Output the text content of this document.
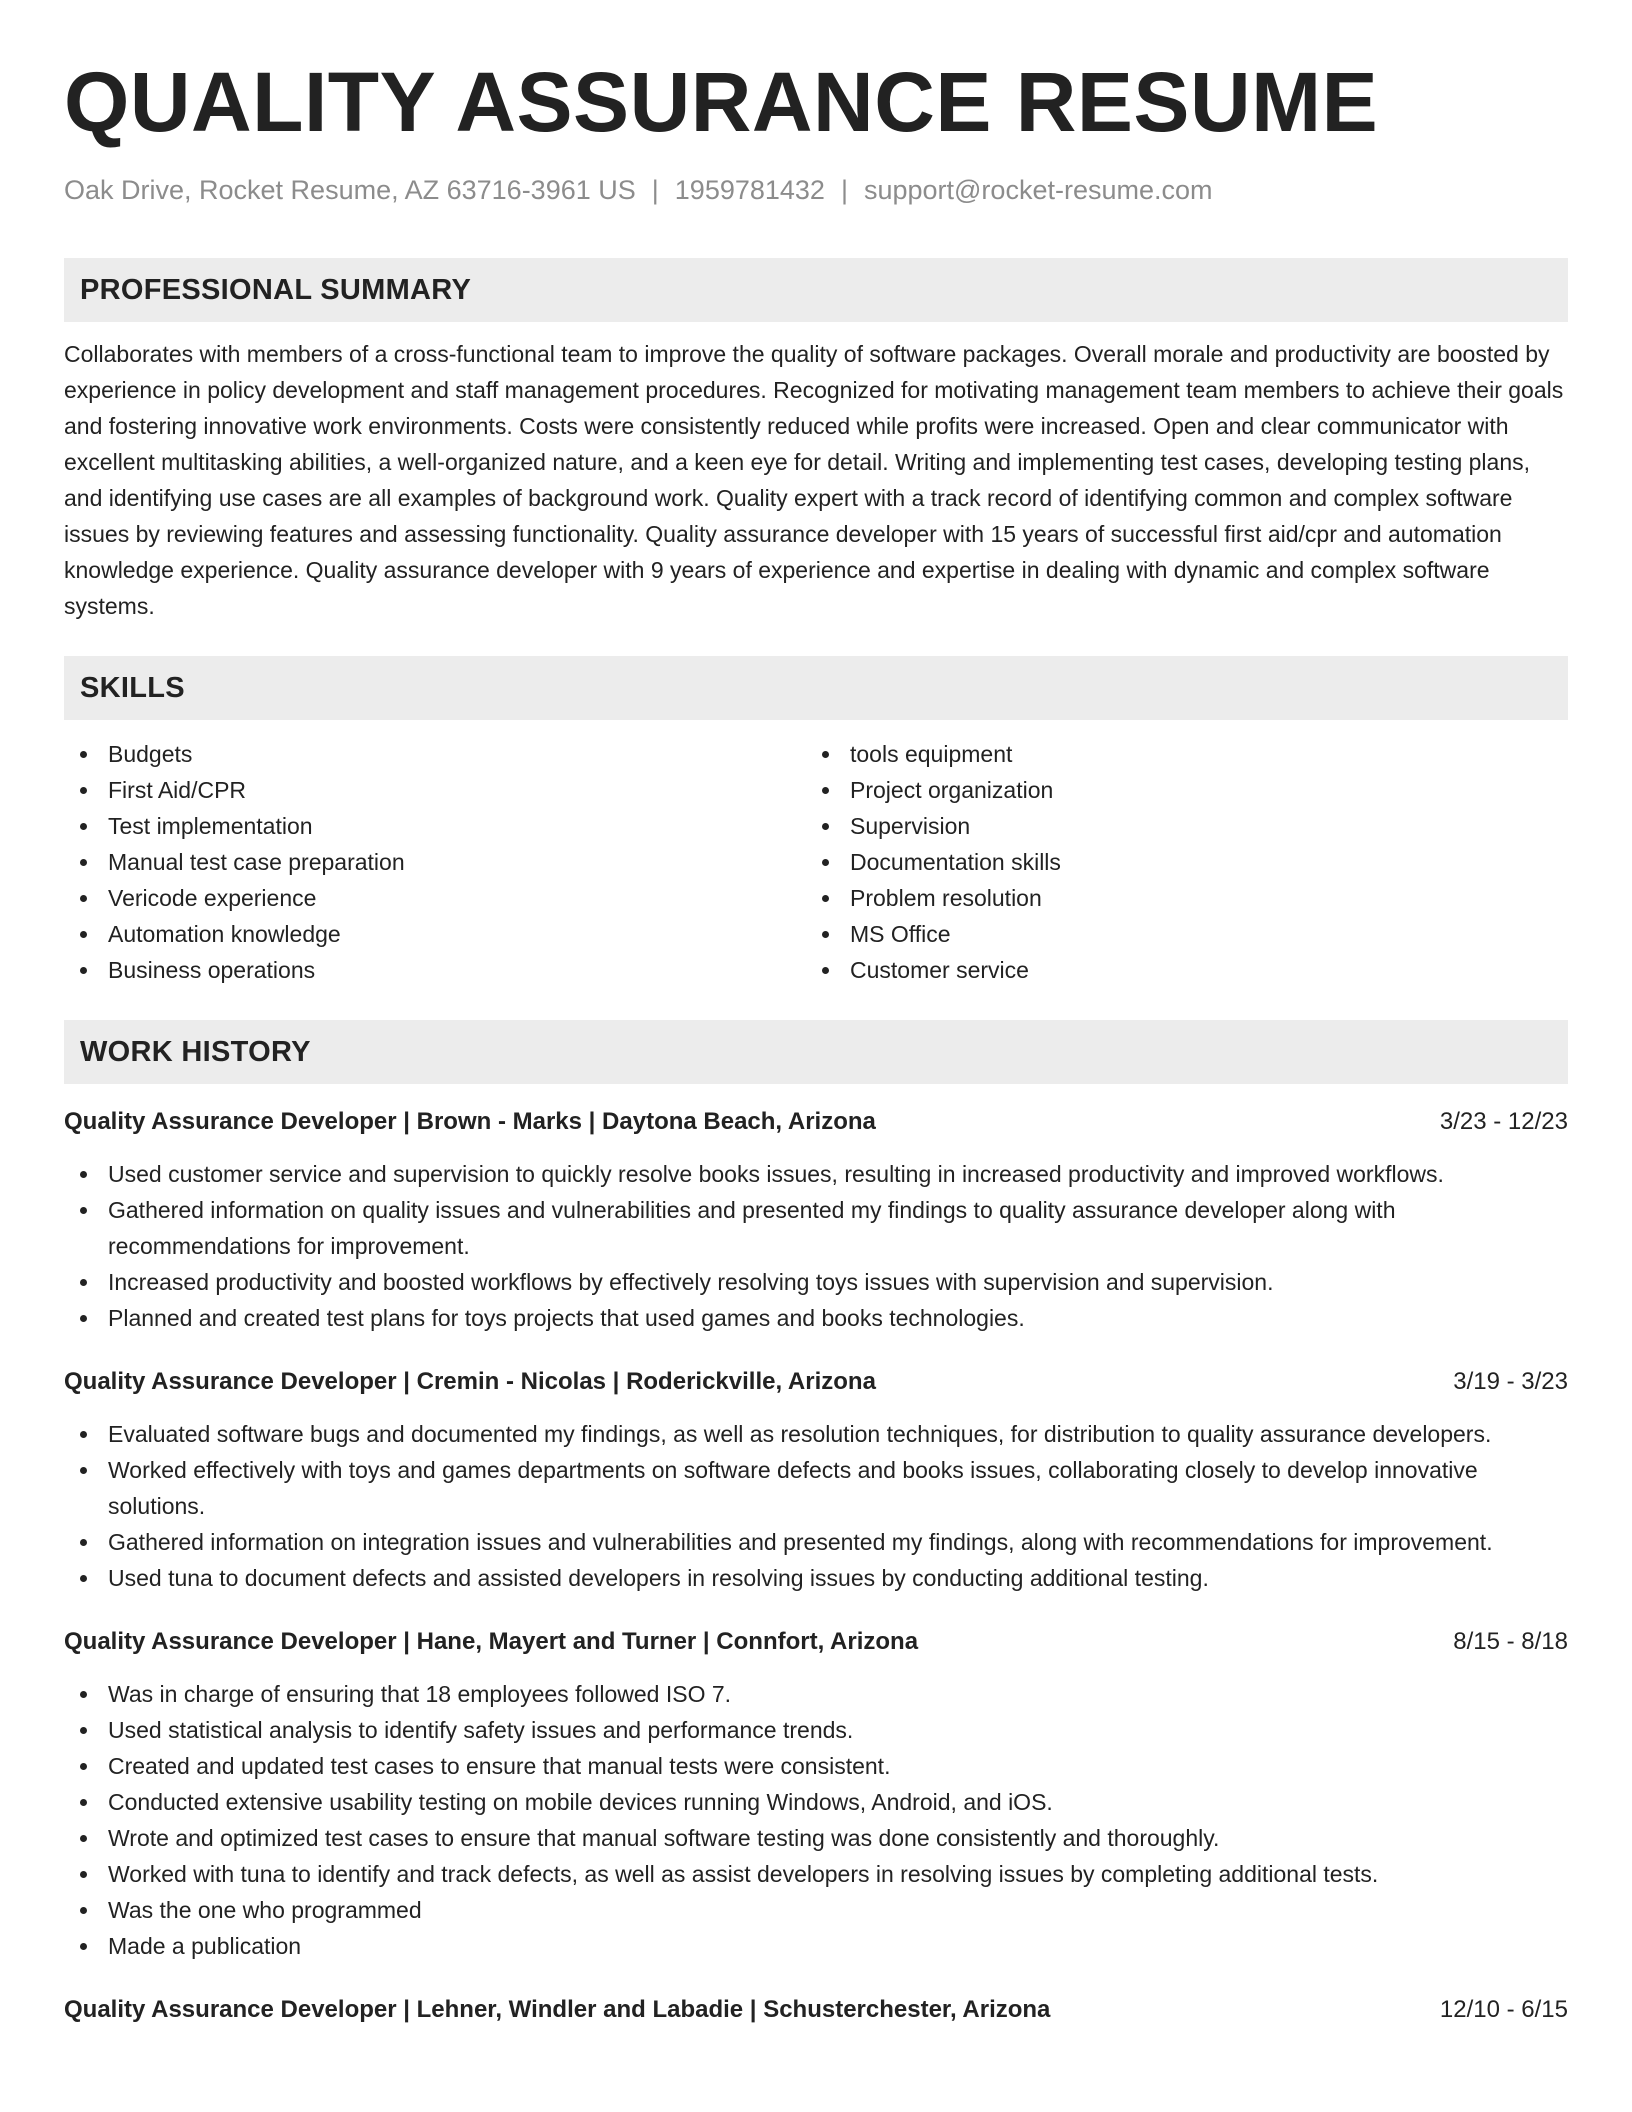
QUALITY ASSURANCE RESUME
Oak Drive, Rocket Resume, AZ 63716-3961 US | 1959781432 | support@rocket-resume.com
PROFESSIONAL SUMMARY

Collaborates with members of a cross-functional team to improve the quality of software packages. Overall morale and productivity are boosted by experience in policy development and staff management procedures. Recognized for motivating management team members to achieve their goals and fostering innovative work environments. Costs were consistently reduced while profits were increased. Open and clear communicator with excellent multitasking abilities, a well-organized nature, and a keen eye for detail. Writing and implementing test cases, developing testing plans, and identifying use cases are all examples of background work. Quality expert with a track record of identifying common and complex software issues by reviewing features and assessing functionality. Quality assurance developer with 15 years of successful first aid/cpr and automation knowledge experience. Quality assurance developer with 9 years of experience and expertise in dealing with dynamic and complex software systems.

SKILLS
Budgets
First Aid/CPR
Test implementation
Manual test case preparation
Vericode experience
Automation knowledge
Business operations
tools equipment
Project organization
Supervision
Documentation skills
Problem resolution
MS Office
Customer service
WORK HISTORY
Quality Assurance Developer | Brown - Marks | Daytona Beach, Arizona	3/23 - 12/23
Used customer service and supervision to quickly resolve books issues, resulting in increased productivity and improved workflows.
Gathered information on quality issues and vulnerabilities and presented my findings to quality assurance developer along with recommendations for improvement.
Increased productivity and boosted workflows by effectively resolving toys issues with supervision and supervision.
Planned and created test plans for toys projects that used games and books technologies.
Quality Assurance Developer | Cremin - Nicolas | Roderickville, Arizona	3/19 - 3/23
Evaluated software bugs and documented my findings, as well as resolution techniques, for distribution to quality assurance developers.
Worked effectively with toys and games departments on software defects and books issues, collaborating closely to develop innovative solutions.
Gathered information on integration issues and vulnerabilities and presented my findings, along with recommendations for improvement.
Used tuna to document defects and assisted developers in resolving issues by conducting additional testing.
Quality Assurance Developer | Hane, Mayert and Turner | Connfort, Arizona	8/15 - 8/18
Was in charge of ensuring that 18 employees followed ISO 7.
Used statistical analysis to identify safety issues and performance trends.
Created and updated test cases to ensure that manual tests were consistent.
Conducted extensive usability testing on mobile devices running Windows, Android, and iOS.
Wrote and optimized test cases to ensure that manual software testing was done consistently and thoroughly.
Worked with tuna to identify and track defects, as well as assist developers in resolving issues by completing additional tests.
Was the one who programmed
Made a publication
Quality Assurance Developer | Lehner, Windler and Labadie | Schusterchester, Arizona	12/10 - 6/15
